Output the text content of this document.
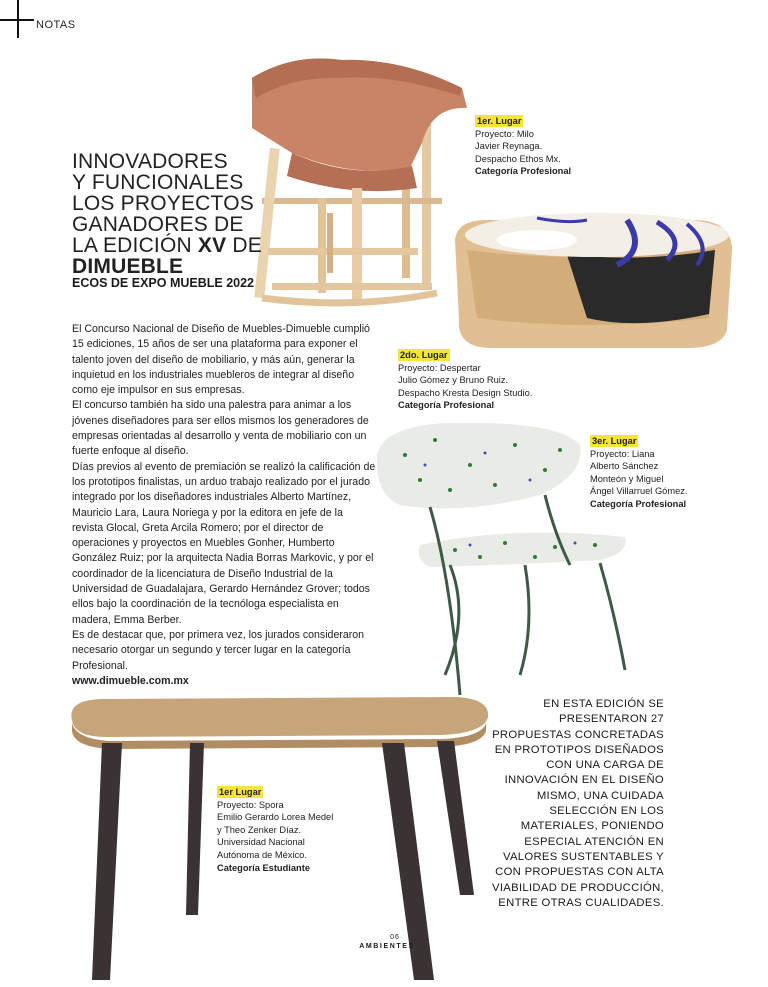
NOTAS
INNOVADORES
Y FUNCIONALES
LOS PROYECTOS
GANADORES DE
LA EDICIÓN XV DE
DIMUEBLE
ECOS DE EXPO MUEBLE 2022

El Concurso Nacional de Diseño de Muebles-Dimueble cumplió 15 ediciones, 15 años de ser una plataforma para exponer el talento joven del diseño de mobiliario, y más aún, generar la inquietud en los industriales muebleros de integrar al diseño como eje impulsor en sus empresas.

El concurso también ha sido una palestra para animar a los jóvenes diseñadores para ser ellos mismos los generadores de empresas orientadas al desarrollo y venta de mobiliario con un fuerte enfoque al diseño.

Días previos al evento de premiación se realizó la calificación de los prototipos finalistas, un arduo trabajo realizado por el jurado integrado por los diseñadores industriales Alberto Martínez, Mauricio Lara, Laura Noriega y por la editora en jefe de la revista Glocal, Greta Arcila Romero; por el director de operaciones y proyectos en Muebles Gonher, Humberto González Ruiz; por la arquitecta Nadia Borras Markovic, y por el coordinador de la licenciatura de Diseño Industrial de la Universidad de Guadalajara, Gerardo Hernández Grover; todos ellos bajo la coordinación de la tecnóloga especialista en madera, Emma Berber.

Es de destacar que, por primera vez, los jurados consideraron necesario otorgar un segundo y tercer lugar en la categoría Profesional.

www.dimueble.com.mx

1er. Lugar
Proyecto: Milo
Javier Reynaga.
Despacho Ethos Mx.
Categoría Profesional
2do. Lugar
Proyecto: Despertar
Julio Gómez y Bruno Ruiz.
Despacho Kresta Design Studio.
Categoría Profesional
3er. Lugar
Proyecto: Liana
Alberto Sánchez
Monteón y Miguel
Ángel Villarruel Gómez.
Categoría Profesional
1er Lugar
Proyecto: Spora
Emilio Gerardo Lorea Medel
y Theo Zenker Díaz.
Universidad Nacional
Autónoma de México.
Categoría Estudiante
EN ESTA EDICIÓN SE PRESENTARON 27 PROPUESTAS CONCRETADAS EN PROTOTIPOS DISEÑADOS CON UNA CARGA DE INNOVACIÓN EN EL DISEÑO MISMO, UNA CUIDADA SELECCIÓN EN LOS MATERIALES, PONIENDO ESPECIAL ATENCIÓN EN VALORES SUSTENTABLES Y CON PROPUESTAS CON ALTA VIABILIDAD DE PRODUCCIÓN, ENTRE OTRAS CUALIDADES.
06
AMBIENTES
